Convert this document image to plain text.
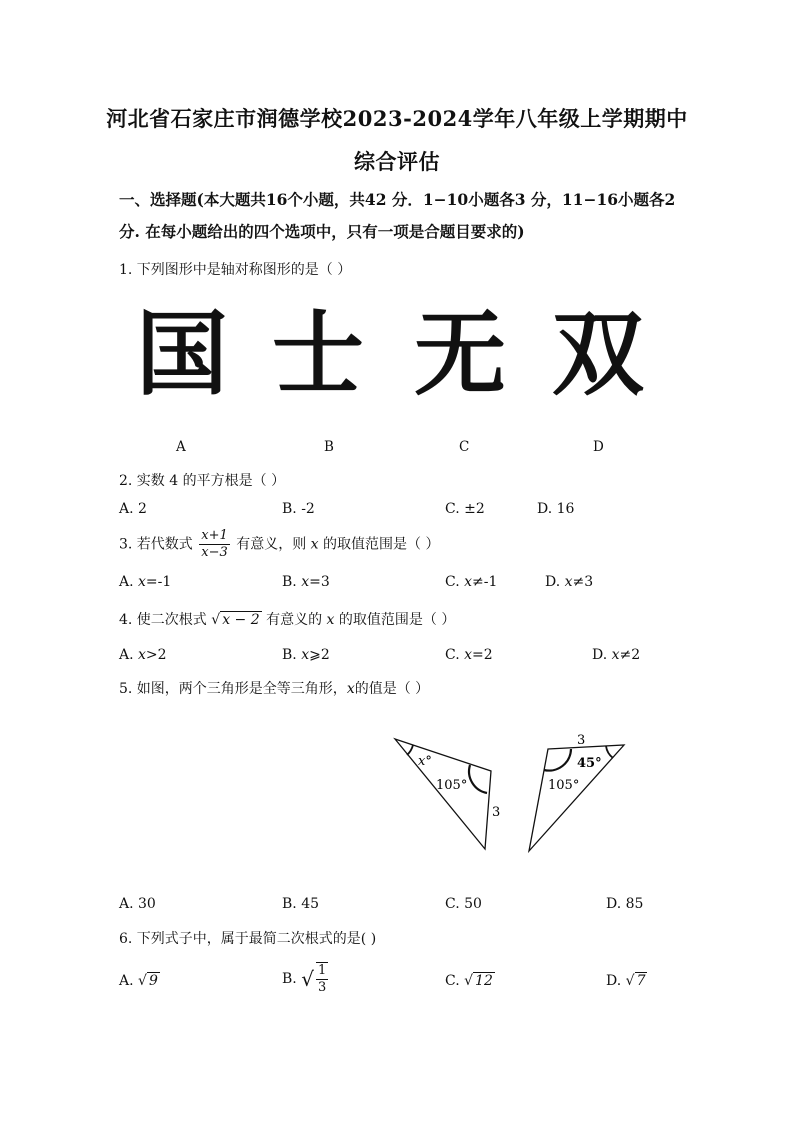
河北省石家庄市润德学校2023-2024学年八年级上学期期中
综合评估
一、选择题(本大题共16个小题，共42 分．1−10小题各3 分，11−16小题各2分. 在每小题给出的四个选项中，只有一项是合题目要求的)
1. 下列图形中是轴对称图形的是（ ）
国 士 无 双
A	B	C	D
2. 实数 4 的平方根是（ ）
A. 2	B. -2	C. ±2	D. 16
3. 若代数式 $\frac{x+1}{x-3}$ 有意义，则 x 的取值范围是（ ）
A. x=-1	B. x=3	C. x≠-1	D. x≠3
4. 使二次根式 √ x − 2 有意义的 x 的取值范围是（ ）
A. x>2	B. x⩾2	C. x=2	D. x≠2
5. 如图，两个三角形是全等三角形，x的值是（ ）
x°
105°
3
3
105°
45°
A. 30	B. 45	C. 50	D. 85
6. 下列式子中，属于最简二次根式的是( )
A. √ 9	B. √ $\frac{1}{3}$	C. √ 12	D. √ 7
